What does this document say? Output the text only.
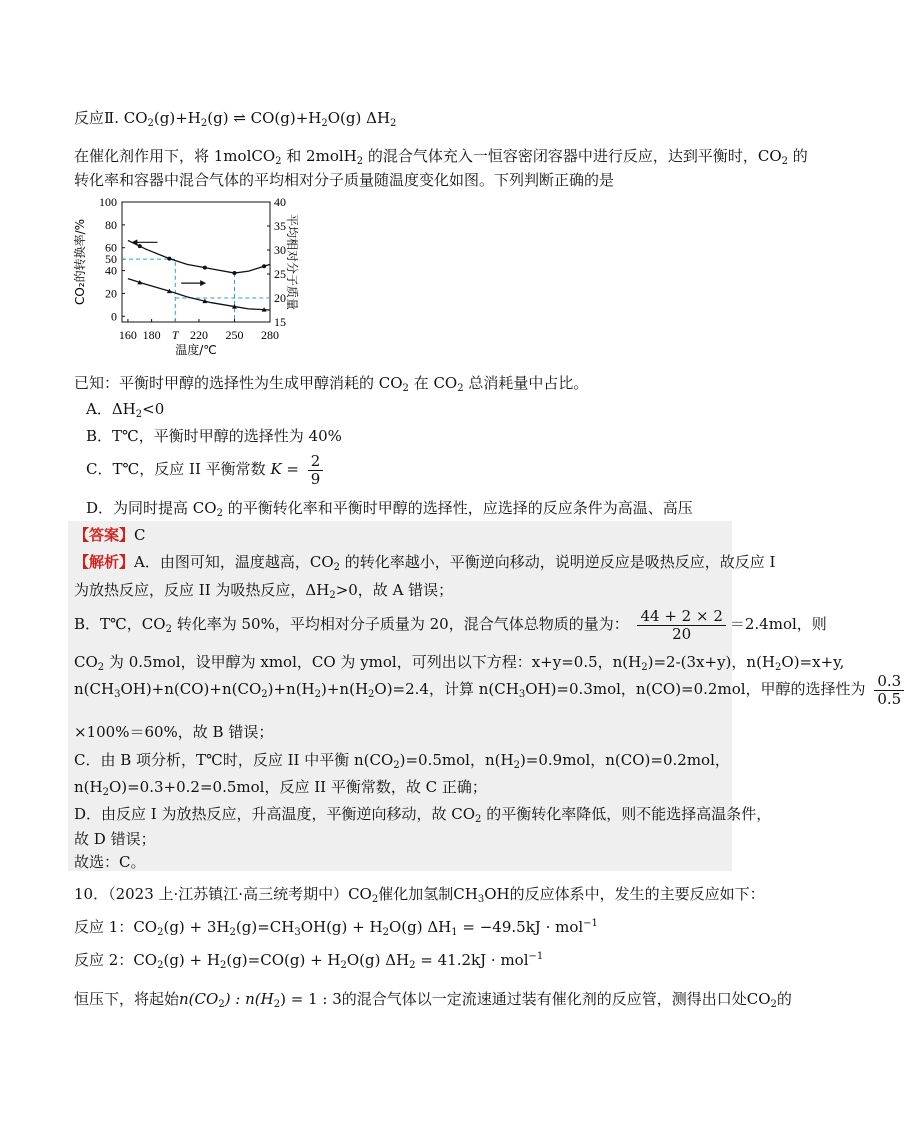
反应Ⅱ. $CO_2(g)+H_2(g)$ ⇌ $CO(g)+H_2O(g)$ $\Delta H_2$
在催化剂作用下，将 1molCO$_2$ 和 2molH$_2$ 的混合气体充入一恒容密闭容器中进行反应，达到平衡时，$CO_2$ 的
转化率和容器中混合气体的平均相对分子质量随温度变化如图。下列判断正确的是
100
80
60
50
40
20
0
40
35
30
25
20
15
160 180 T 220 250 280
温度/℃
CO₂的转换率/%	平均相对分子质量
已知：平衡时甲醇的选择性为生成甲醇消耗的 $CO_2$ 在 $CO_2$ 总消耗量中占比。
A．$\Delta H_2<0$
B．T℃，平衡时甲醇的选择性为 40%
C．T℃，反应 II 平衡常数 $K = \frac{2}{9}$
D．为同时提高 $CO_2$ 的平衡转化率和平衡时甲醇的选择性，应选择的反应条件为高温、高压
【答案】C
【解析】A．由图可知，温度越高，$CO_2$ 的转化率越小，平衡逆向移动，说明逆反应是吸热反应，故反应 I
为放热反应，反应 II 为吸热反应，$\Delta H_2>0$，故 A 错误；
B．T℃，$CO_2$ 转化率为 50%，平均相对分子质量为 20，混合气体总物质的量为： $\frac{44 + 2 \times 2}{20} =2.4mol$，则
$CO_2$ 为 0.5mol，设甲醇为 xmol，CO 为 ymol，可列出以下方程：x+y=0.5，$n(H_2)=2-(3x+y)$，$n(H_2O)=x+y$,
$n(CH_3OH)+n(CO)+n(CO_2)+n(H_2)+n(H_2O)=2.4$，计算 $n(CH_3OH)=0.3mol$，n(CO)=0.2mol，甲醇的选择性为 $\frac{0.3}{0.5}$
×100%＝60%，故 B 错误；
C．由 B 项分析，T℃时，反应 II 中平衡 $n(CO_2)=0.5mol$，$n(H_2)=0.9mol$，n(CO)=0.2mol，
$n(H_2O)=0.3+0.2=0.5mol$，反应 II 平衡常数，故 C 正确；
D．由反应 I 为放热反应，升高温度，平衡逆向移动，故 $CO_2$ 的平衡转化率降低，则不能选择高温条件，
故 D 错误；
故选：C。
10．（2023 上·江苏镇江·高三统考期中）$CO_2$催化加氢制$CH_3OH$的反应体系中，发生的主要反应如下：
反应 1：$CO_2(g) + 3H_2(g)=CH_3OH(g) + H_2O(g) \Delta H_1 = -49.5kJ \cdot mol^{-1}$
反应 2：$CO_2(g) + H_2(g)=CO(g) + H_2O(g) \Delta H_2 = 41.2kJ \cdot mol^{-1}$
恒压下，将起始$n(CO_2)$ : $n(H_2) = 1$ : 3的混合气体以一定流速通过装有催化剂的反应管，测得出口处$CO_2$的
